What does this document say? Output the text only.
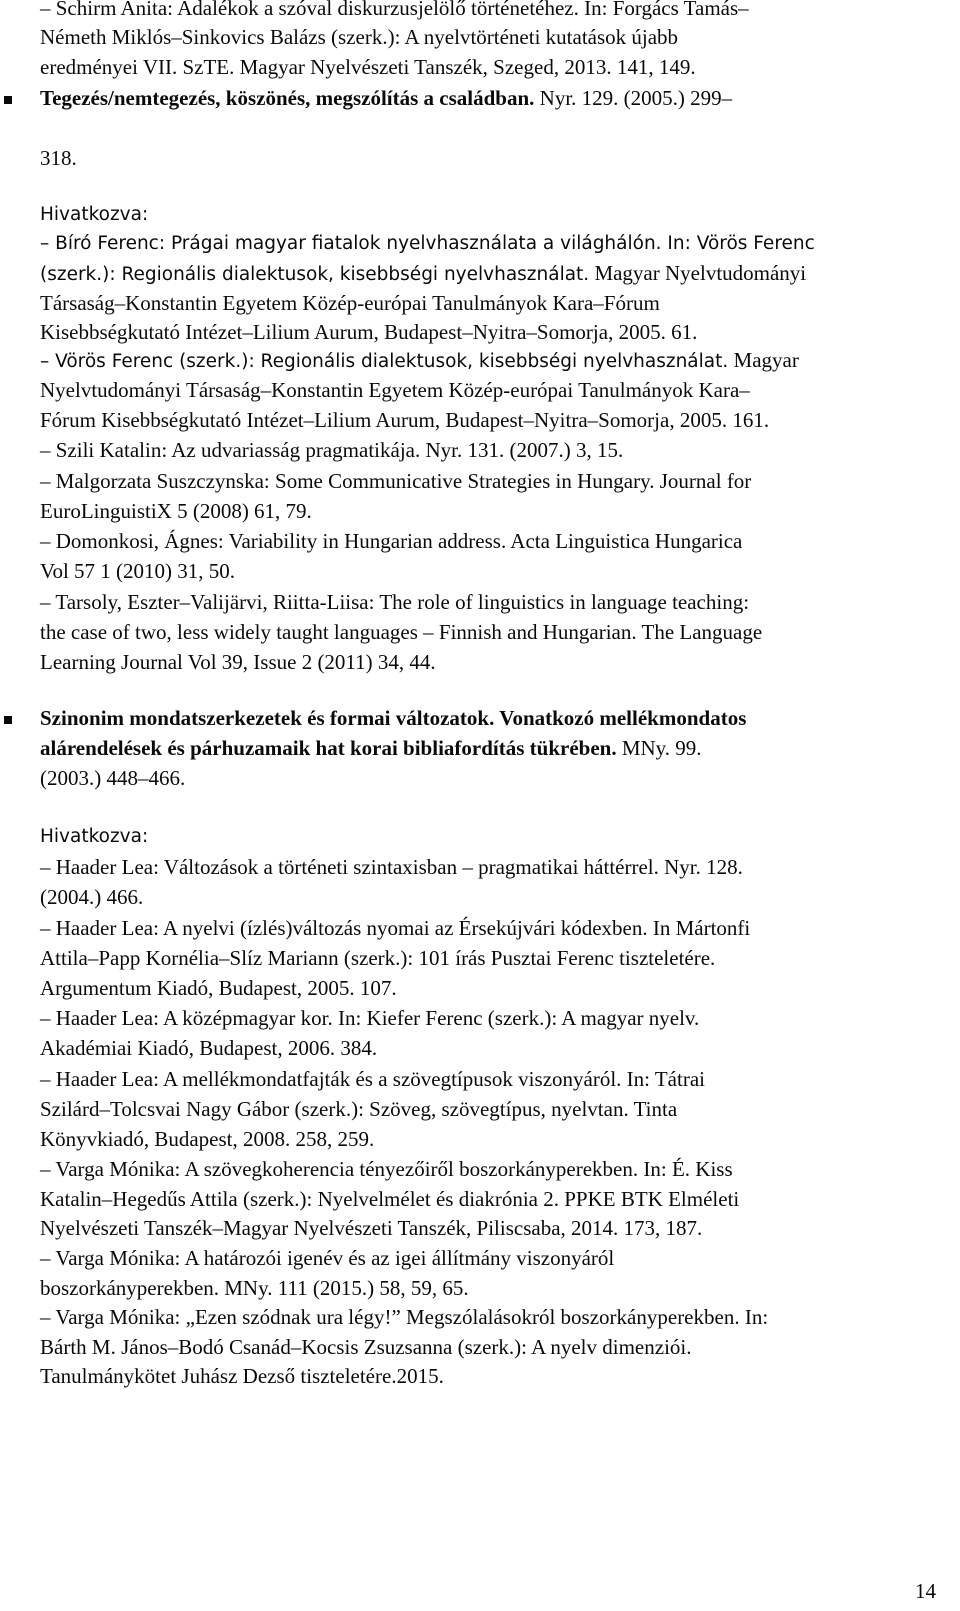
– Schirm Anita: Adalékok a szóval diskurzusjelölő történetéhez. In: Forgács Tamás–
Németh Miklós–Sinkovics Balázs (szerk.): A nyelvtörténeti kutatások újabb
eredményei VII. SzTE. Magyar Nyelvészeti Tanszék, Szeged, 2013. 141, 149.
Tegezés/nemtegezés, köszönés, megszólítás a családban. Nyr. 129. (2005.) 299–
318.
Hivatkozva:
– Bíró Ferenc: Prágai magyar fiatalok nyelvhasználata a világhálón. In: Vörös Ferenc
(szerk.): Regionális dialektusok, kisebbségi nyelvhasználat. Magyar Nyelvtudományi
Társaság–Konstantin Egyetem Közép-európai Tanulmányok Kara–Fórum
Kisebbségkutató Intézet–Lilium Aurum, Budapest–Nyitra–Somorja, 2005. 61.
– Vörös Ferenc (szerk.): Regionális dialektusok, kisebbségi nyelvhasználat. Magyar
Nyelvtudományi Társaság–Konstantin Egyetem Közép-európai Tanulmányok Kara–
Fórum Kisebbségkutató Intézet–Lilium Aurum, Budapest–Nyitra–Somorja, 2005. 161.
– Szili Katalin: Az udvariasság pragmatikája. Nyr. 131. (2007.) 3, 15.
– Malgorzata Suszczynska: Some Communicative Strategies in Hungary. Journal for
EuroLinguistiX 5 (2008) 61, 79.
– Domonkosi, Ágnes: Variability in Hungarian address. Acta Linguistica Hungarica
Vol 57 1 (2010) 31, 50.
– Tarsoly, Eszter–Valijärvi, Riitta-Liisa: The role of linguistics in language teaching:
the case of two, less widely taught languages – Finnish and Hungarian. The Language
Learning Journal Vol 39, Issue 2 (2011) 34, 44.
Szinonim mondatszerkezetek és formai változatok. Vonatkozó mellékmondatos
alárendelések és párhuzamaik hat korai bibliafordítás tükrében. MNy. 99.
(2003.) 448–466.
Hivatkozva:
– Haader Lea: Változások a történeti szintaxisban – pragmatikai háttérrel. Nyr. 128.
(2004.) 466.
– Haader Lea: A nyelvi (ízlés)változás nyomai az Érsekújvári kódexben. In Mártonfi
Attila–Papp Kornélia–Slíz Mariann (szerk.): 101 írás Pusztai Ferenc tiszteletére.
Argumentum Kiadó, Budapest, 2005. 107.
– Haader Lea: A középmagyar kor. In: Kiefer Ferenc (szerk.): A magyar nyelv.
Akadémiai Kiadó, Budapest, 2006. 384.
– Haader Lea: A mellékmondatfajták és a szövegtípusok viszonyáról. In: Tátrai
Szilárd–Tolcsvai Nagy Gábor (szerk.): Szöveg, szövegtípus, nyelvtan. Tinta
Könyvkiadó, Budapest, 2008. 258, 259.
– Varga Mónika: A szövegkoherencia tényezőiről boszorkányperekben. In: É. Kiss
Katalin–Hegedűs Attila (szerk.): Nyelvelmélet és diakrónia 2. PPKE BTK Elméleti
Nyelvészeti Tanszék–Magyar Nyelvészeti Tanszék, Piliscsaba, 2014. 173, 187.
– Varga Mónika: A határozói igenév és az igei állítmány viszonyáról
boszorkányperekben. MNy. 111 (2015.) 58, 59, 65.
– Varga Mónika: „Ezen szódnak ura légy!” Megszólalásokról boszorkányperekben. In:
Bárth M. János–Bodó Csanád–Kocsis Zsuzsanna (szerk.): A nyelv dimenziói.
Tanulmánykötet Juhász Dezső tiszteletére.2015.
14
